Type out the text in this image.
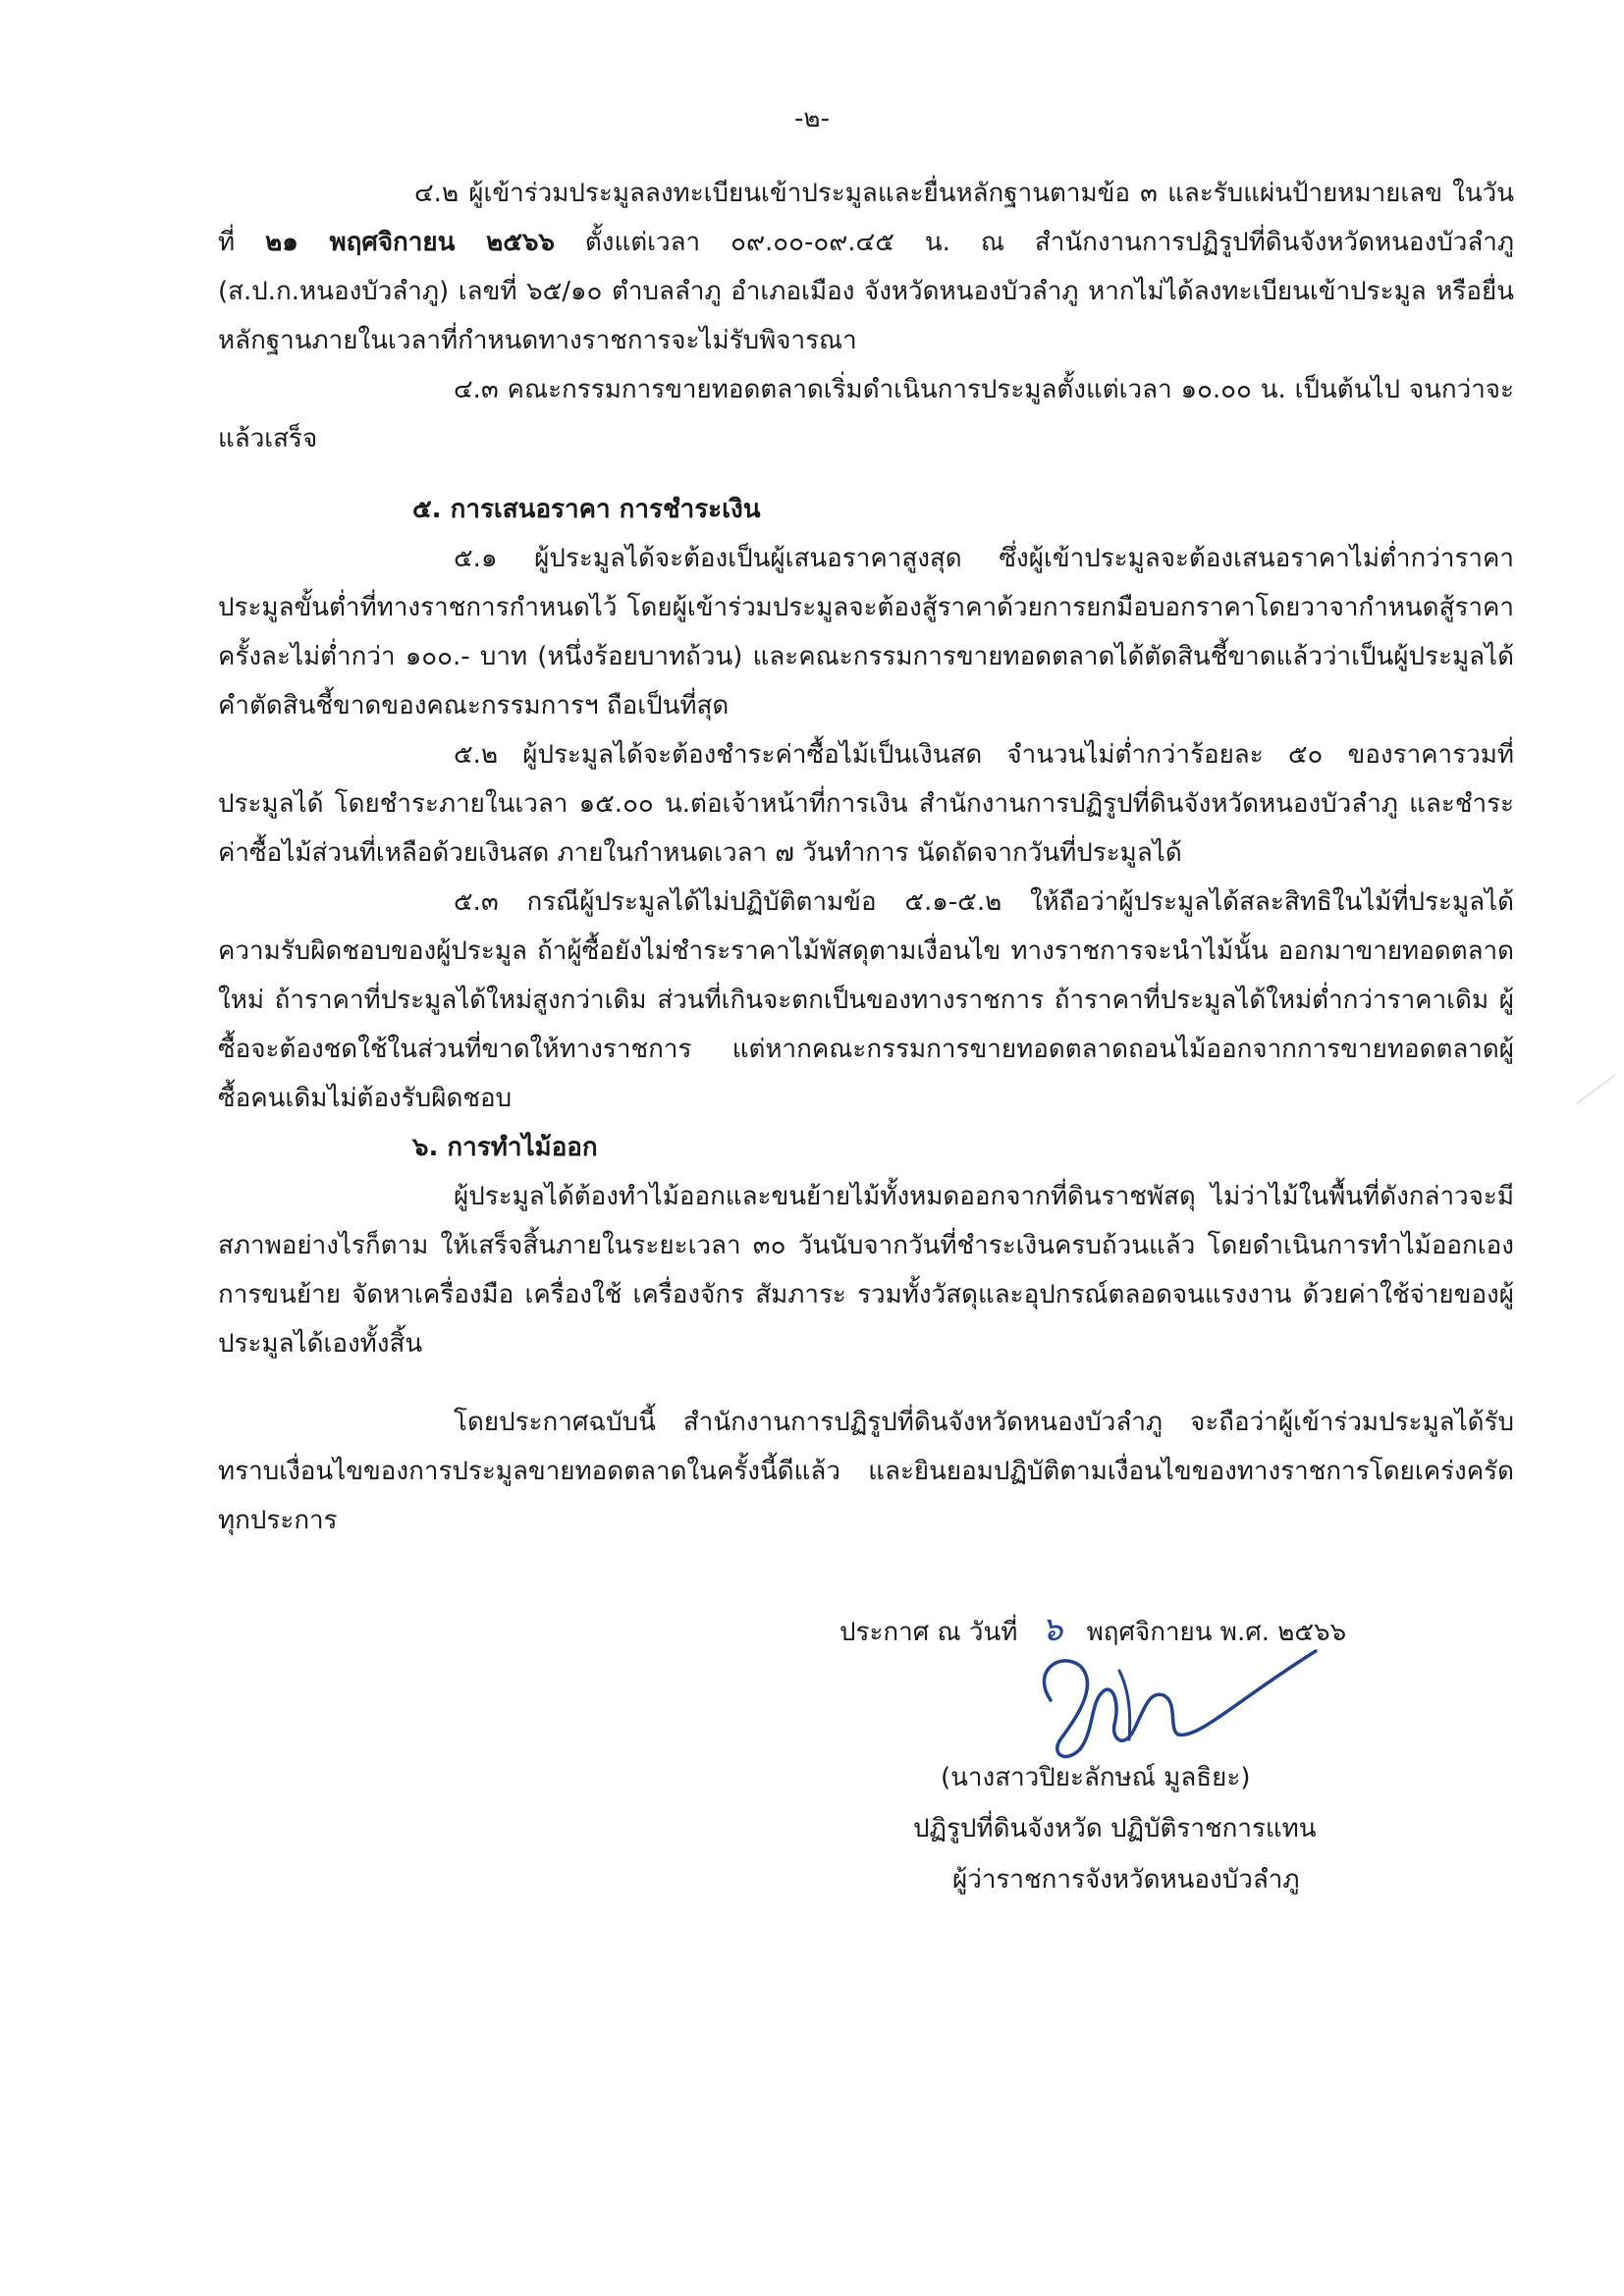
-๒-

๔.๒ ผู้เข้าร่วมประมูลลงทะเบียนเข้าประมูลและยื่นหลักฐานตามข้อ ๓ และรับแผ่นป้ายหมายเลข ในวันที่ ๒๑ พฤศจิกายน ๒๕๖๖ ตั้งแต่เวลา ๐๙.๐๐-๐๙.๔๕ น. ณ สำนักงานการปฏิรูปที่ดินจังหวัดหนองบัวลำภู (ส.ป.ก.หนองบัวลำภู) เลขที่ ๖๕/๑๐ ตำบลลำภู อำเภอเมือง จังหวัดหนองบัวลำภู หากไม่ได้ลงทะเบียนเข้าประมูล หรือยื่นหลักฐานภายในเวลาที่กำหนดทางราชการจะไม่รับพิจารณา

๔.๓ คณะกรรมการขายทอดตลาดเริ่มดำเนินการประมูลตั้งแต่เวลา ๑๐.๐๐ น. เป็นต้นไป จนกว่าจะแล้วเสร็จ

๕. การเสนอราคา การชำระเงิน

๕.๑ ผู้ประมูลได้จะต้องเป็นผู้เสนอราคาสูงสุด ซึ่งผู้เข้าประมูลจะต้องเสนอราคาไม่ต่ำกว่าราคาประมูลขั้นต่ำที่ทางราชการกำหนดไว้ โดยผู้เข้าร่วมประมูลจะต้องสู้ราคาด้วยการยกมือบอกราคาโดยวาจากำหนดสู้ราคาครั้งละไม่ต่ำกว่า ๑๐๐.- บาท (หนึ่งร้อยบาทถ้วน) และคณะกรรมการขายทอดตลาดได้ตัดสินชี้ขาดแล้วว่าเป็นผู้ประมูลได้ คำตัดสินชี้ขาดของคณะกรรมการฯ ถือเป็นที่สุด

๕.๒ ผู้ประมูลได้จะต้องชำระค่าซื้อไม้เป็นเงินสด จำนวนไม่ต่ำกว่าร้อยละ ๕๐ ของราคารวมที่ประมูลได้ โดยชำระภายในเวลา ๑๕.๐๐ น.ต่อเจ้าหน้าที่การเงิน สำนักงานการปฏิรูปที่ดินจังหวัดหนองบัวลำภู และชำระค่าซื้อไม้ส่วนที่เหลือด้วยเงินสด ภายในกำหนดเวลา ๗ วันทำการ นัดถัดจากวันที่ประมูลได้

๕.๓ กรณีผู้ประมูลได้ไม่ปฏิบัติตามข้อ ๕.๑-๕.๒ ให้ถือว่าผู้ประมูลได้สละสิทธิในไม้ที่ประมูลได้ ความรับผิดชอบของผู้ประมูล ถ้าผู้ซื้อยังไม่ชำระราคาไม้พัสดุตามเงื่อนไข ทางราชการจะนำไม้นั้น ออกมาขายทอดตลาดใหม่ ถ้าราคาที่ประมูลได้ใหม่สูงกว่าเดิม ส่วนที่เกินจะตกเป็นของทางราชการ ถ้าราคาที่ประมูลได้ใหม่ต่ำกว่าราคาเดิม ผู้ซื้อจะต้องชดใช้ในส่วนที่ขาดให้ทางราชการ แต่หากคณะกรรมการขายทอดตลาดถอนไม้ออกจากการขายทอดตลาดผู้ซื้อคนเดิมไม่ต้องรับผิดชอบ

๖. การทำไม้ออก

ผู้ประมูลได้ต้องทำไม้ออกและขนย้ายไม้ทั้งหมดออกจากที่ดินราชพัสดุ ไม่ว่าไม้ในพื้นที่ดังกล่าวจะมีสภาพอย่างไรก็ตาม ให้เสร็จสิ้นภายในระยะเวลา ๓๐ วันนับจากวันที่ชำระเงินครบถ้วนแล้ว โดยดำเนินการทำไม้ออกเอง การขนย้าย จัดหาเครื่องมือ เครื่องใช้ เครื่องจักร สัมภาระ รวมทั้งวัสดุและอุปกรณ์ตลอดจนแรงงาน ด้วยค่าใช้จ่ายของผู้ประมูลได้เองทั้งสิ้น

โดยประกาศฉบับนี้ สำนักงานการปฏิรูปที่ดินจังหวัดหนองบัวลำภู จะถือว่าผู้เข้าร่วมประมูลได้รับทราบเงื่อนไขของการประมูลขายทอดตลาดในครั้งนี้ดีแล้ว และยินยอมปฏิบัติตามเงื่อนไขของทางราชการโดยเคร่งครัดทุกประการ

ประกาศ ณ วันที่ ๖ พฤศจิกายน พ.ศ. ๒๕๖๖
(นางสาวปิยะลักษณ์ มูลธิยะ)
ปฏิรูปที่ดินจังหวัด ปฏิบัติราชการแทน
ผู้ว่าราชการจังหวัดหนองบัวลำภู
